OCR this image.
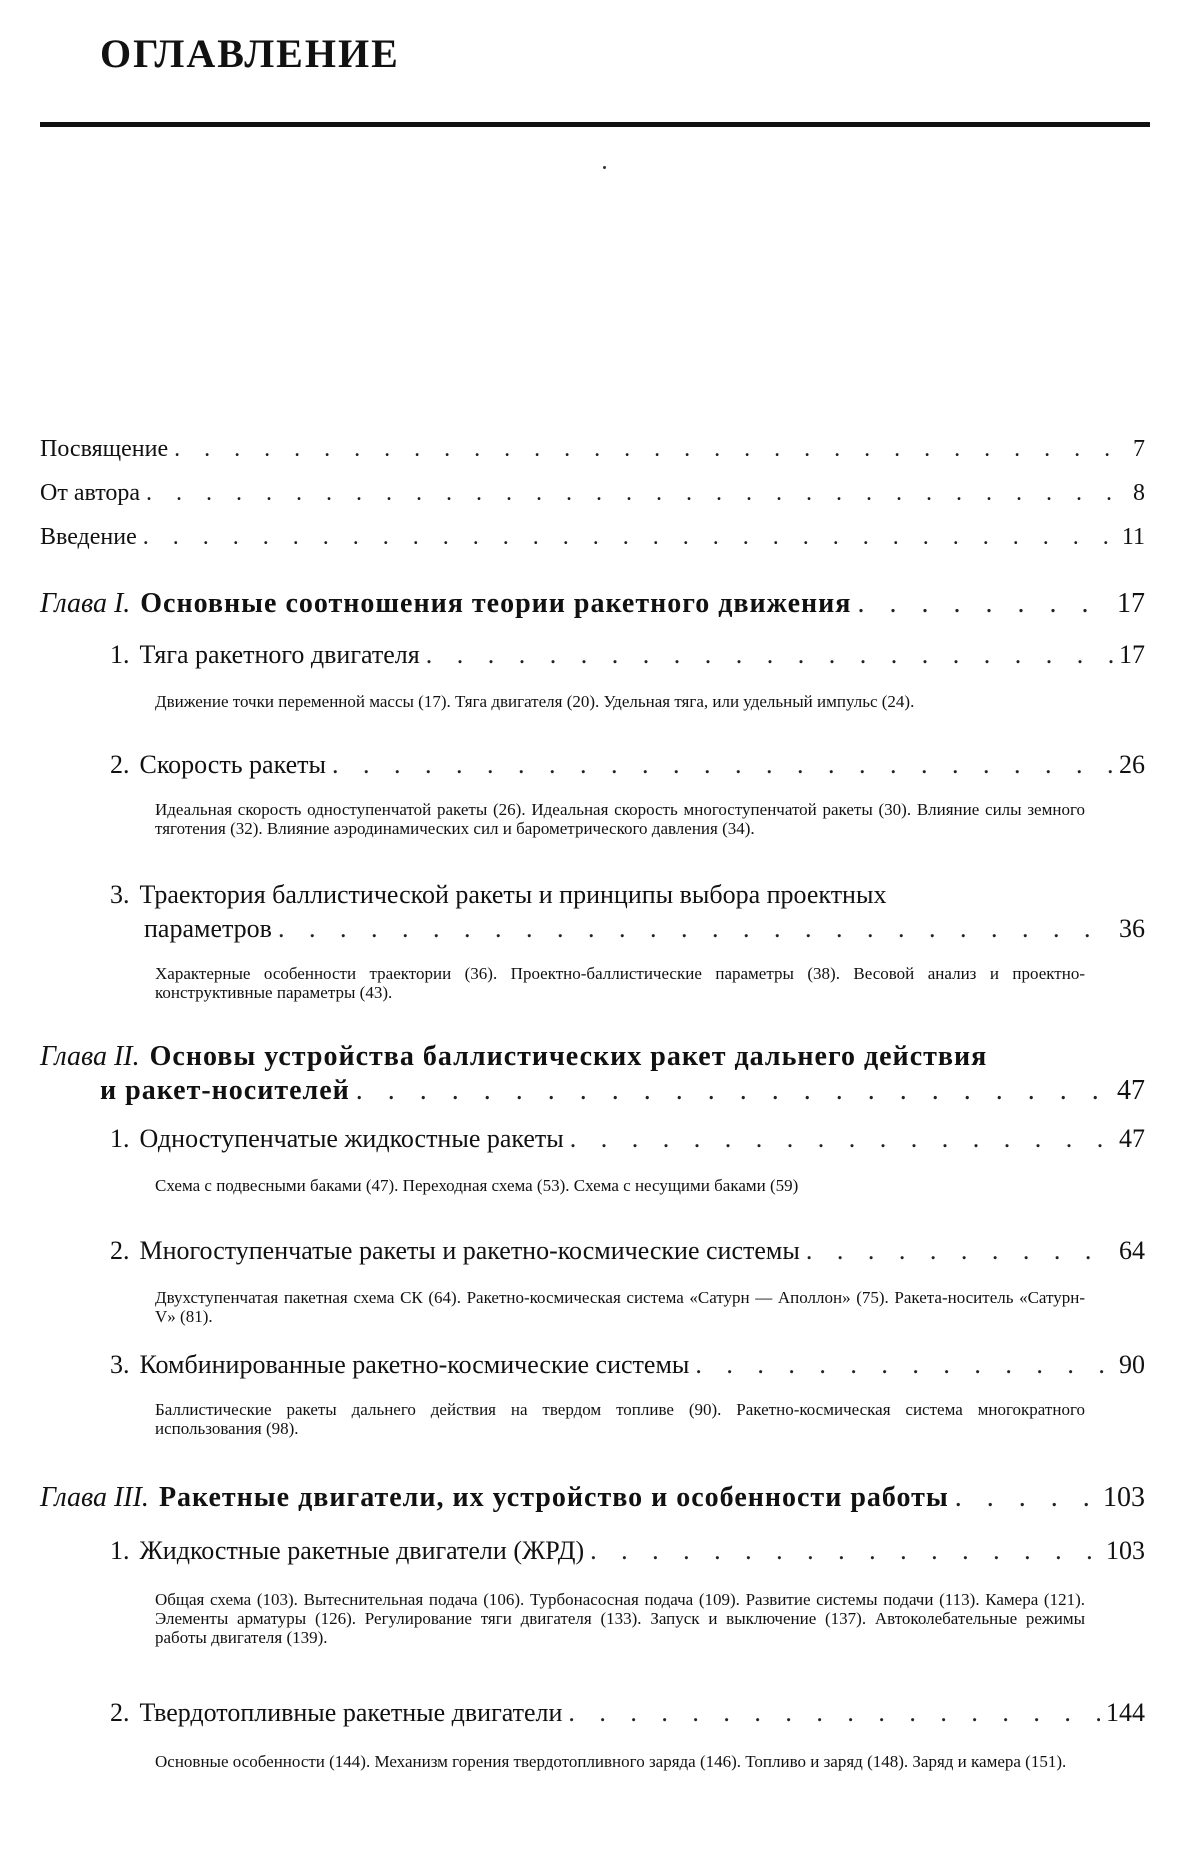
ОГЛАВЛЕНИЕ
Посвящение . . .	7
От автора . . .	8
Введение . . .	11
Глава I. Основные соотношения теории ракетного движения . . .	17
1. Тяга ракетного двигателя . . .	17
Движение точки переменной массы (17). Тяга двигателя (20). Удельная тяга, или удельный импульс (24).
2. Скорость ракеты . . .	26
Идеальная скорость одноступенчатой ракеты (26). Идеальная скорость многоступенчатой ракеты (30). Влияние силы земного тяготения (32). Влияние аэродинамических сил и барометрического давления (34).
3. Траектория баллистической ракеты и принципы выбора проектных
параметров . . .	36
Характерные особенности траектории (36). Проектно-баллистические параметры (38). Весовой анализ и проектно-конструктивные параметры (43).
Глава II. Основы устройства баллистических ракет дальнего действия
и ракет-носителей . . .	47
1. Одноступенчатые жидкостные ракеты . . .	47
Схема с подвесными баками (47). Переходная схема (53). Схема с несущими баками (59)
2. Многоступенчатые ракеты и ракетно-космические системы . . .	64
Двухступенчатая пакетная схема СК (64). Ракетно-космическая система «Сатурн — Аполлон» (75). Ракета-носитель «Сатурн-V» (81).
3. Комбинированные ракетно-космические системы . . .	90
Баллистические ракеты дальнего действия на твердом топливе (90). Ракетно-космическая система многократного использования (98).
Глава III. Ракетные двигатели, их устройство и особенности работы . . .	103
1. Жидкостные ракетные двигатели (ЖРД) . . .	103
Общая схема (103). Вытеснительная подача (106). Турбонасосная подача (109). Развитие системы подачи (113). Камера (121). Элементы арматуры (126). Регулирование тяги двигателя (133). Запуск и выключение (137). Автоколебательные режимы работы двигателя (139).
2. Твердотопливные ракетные двигатели . . .	144
Основные особенности (144). Механизм горения твердотопливного заряда (146). Топливо и заряд (148). Заряд и камера (151).
